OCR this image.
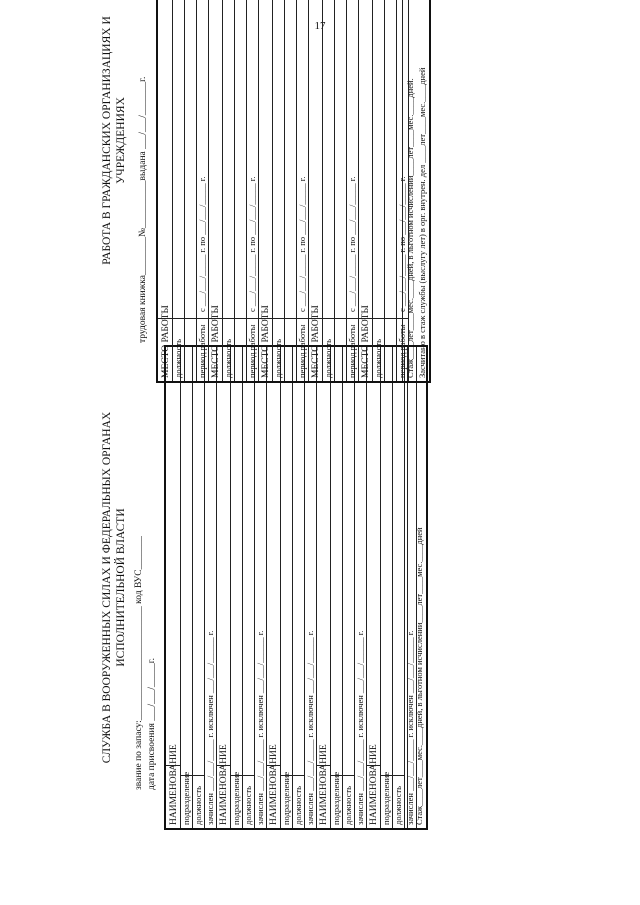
17
СЛУЖБА В ВООРУЖЕННЫХ СИЛАХ И ФЕДЕРАЛЬНЫХ ОРГАНАХ ИСПОЛНИТЕЛЬНОЙ ВЛАСТИ звание по запасу:________________________ код ВУС_______ дата присвоения ___/___/_____г. НАИМЕНОВАНИЕ подразделение должность зачислен ___/___/_____ г. исключен ___/___/______ г. НАИМЕНОВАНИЕ подразделение должность зачислен ___/___/_____ г. исключен ___/___/______ г. НАИМЕНОВАНИЕ подразделение должность зачислен ___/___/_____ г. исключен ___/___/______ г. НАИМЕНОВАНИЕ подразделение должность зачислен ___/___/_____ г. исключен ___/___/______ г. НАИМЕНОВАНИЕ подразделение должность зачислен ___/___/_____ г. исключен ___/___/______ г. Стаж____лет____мес.____дней, в льготном исчислении____лет____мес.____дней
РАБОТА В ГРАЖДАНСКИХ ОРГАНИЗАЦИЯХ И УЧРЕЖДЕНИЯХ трудовая книжка________№__________выдана ___/___/_______г. МЕСТО РАБОТЫ должность период работы
с ___/___/_____ г. по ___/___/_____ г.
МЕСТО РАБОТЫ должность период работы
с ___/___/_____ г. по ___/___/_____ г.
МЕСТО РАБОТЫ должность период работы
с ___/___/_____ г. по ___/___/_____ г.
МЕСТО РАБОТЫ должность период работы
с ___/___/_____ г. по ___/___/_____ г.
МЕСТО РАБОТЫ должность период работы
с ___/___/_____ г. по ___/___/_____ г.
Стаж____лет____мес.____дней, в льготном исчислении____лет____мес.____дней. Засчитано в стаж службы (выслугу лет) в орг. внутрен. дел ____лет____мес.____дней
